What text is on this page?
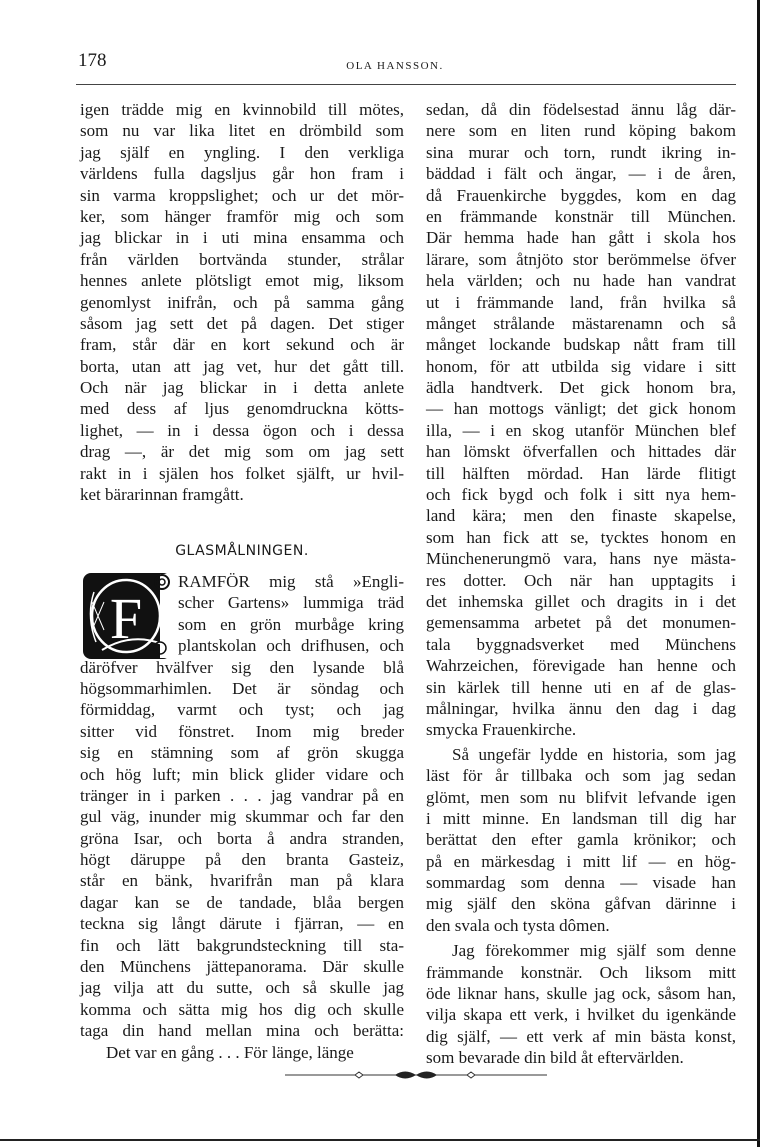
178	OLA HANSSON.
igen trädde mig en kvinnobild till mötes,
som nu var lika litet en drömbild som
jag själf en yngling. I den verkliga
världens fulla dagsljus går hon fram i
sin varma kroppslighet; och ur det mör-
ker, som hänger framför mig och som
jag blickar in i uti mina ensamma och
från världen bortvända stunder, strålar
hennes anlete plötsligt emot mig, liksom
genomlyst inifrån, och på samma gång
såsom jag sett det på dagen. Det stiger
fram, står där en kort sekund och är
borta, utan att jag vet, hur det gått till.
Och när jag blickar in i detta anlete
med dess af ljus genomdruckna kötts-
lighet, — in i dessa ögon och i dessa
drag —, är det mig som om jag sett
rakt in i själen hos folket själft, ur hvil-
ket bärarinnan framgått.
GLASMÅLNINGEN.
F
RAMFÖR mig stå »Engli-
scher Gartens» lummiga träd
som en grön murbåge kring
plantskolan och drifhusen, och
däröfver hvälfver sig den lysande blå
högsommarhimlen. Det är söndag och
förmiddag, varmt och tyst; och jag
sitter vid fönstret. Inom mig breder
sig en stämning som af grön skugga
och hög luft; min blick glider vidare och
tränger in i parken . . . jag vandrar på en
gul väg, inunder mig skummar och far den
gröna Isar, och borta å andra stranden,
högt däruppe på den branta Gasteiz,
står en bänk, hvarifrån man på klara
dagar kan se de tandade, blåa bergen
teckna sig långt därute i fjärran, — en
fin och lätt bakgrundsteckning till sta-
den Münchens jättepanorama. Där skulle
jag vilja att du sutte, och så skulle jag
komma och sätta mig hos dig och skulle
taga din hand mellan mina och berätta:
Det var en gång . . . För länge, länge
sedan, då din födelsestad ännu låg där-
nere som en liten rund köping bakom
sina murar och torn, rundt ikring in-
bäddad i fält och ängar, — i de åren,
då Frauenkirche byggdes, kom en dag
en främmande konstnär till München.
Där hemma hade han gått i skola hos
lärare, som åtnjöto stor berömmelse öfver
hela världen; och nu hade han vandrat
ut i främmande land, från hvilka så
månget strålande mästarenamn och så
månget lockande budskap nått fram till
honom, för att utbilda sig vidare i sitt
ädla handtverk. Det gick honom bra,
— han mottogs vänligt; det gick honom
illa, — i en skog utanför München blef
han lömskt öfverfallen och hittades där
till hälften mördad. Han lärde flitigt
och fick bygd och folk i sitt nya hem-
land kära; men den finaste skapelse,
som han fick att se, tycktes honom en
Münchenerungmö vara, hans nye mästa-
res dotter. Och när han upptagits i
det inhemska gillet och dragits in i det
gemensamma arbetet på det monumen-
tala byggnadsverket med Münchens
Wahrzeichen, förevigade han henne och
sin kärlek till henne uti en af de glas-
målningar, hvilka ännu den dag i dag
smycka Frauenkirche.
Så ungefär lydde en historia, som jag
läst för år tillbaka och som jag sedan
glömt, men som nu blifvit lefvande igen
i mitt minne. En landsman till dig har
berättat den efter gamla krönikor; och
på en märkesdag i mitt lif — en hög-
sommardag som denna — visade han
mig själf den sköna gåfvan därinne i
den svala och tysta dômen.
Jag förekommer mig själf som denne
främmande konstnär. Och liksom mitt
öde liknar hans, skulle jag ock, såsom han,
vilja skapa ett verk, i hvilket du igenkände
dig själf, — ett verk af min bästa konst,
som bevarade din bild åt eftervärlden.
